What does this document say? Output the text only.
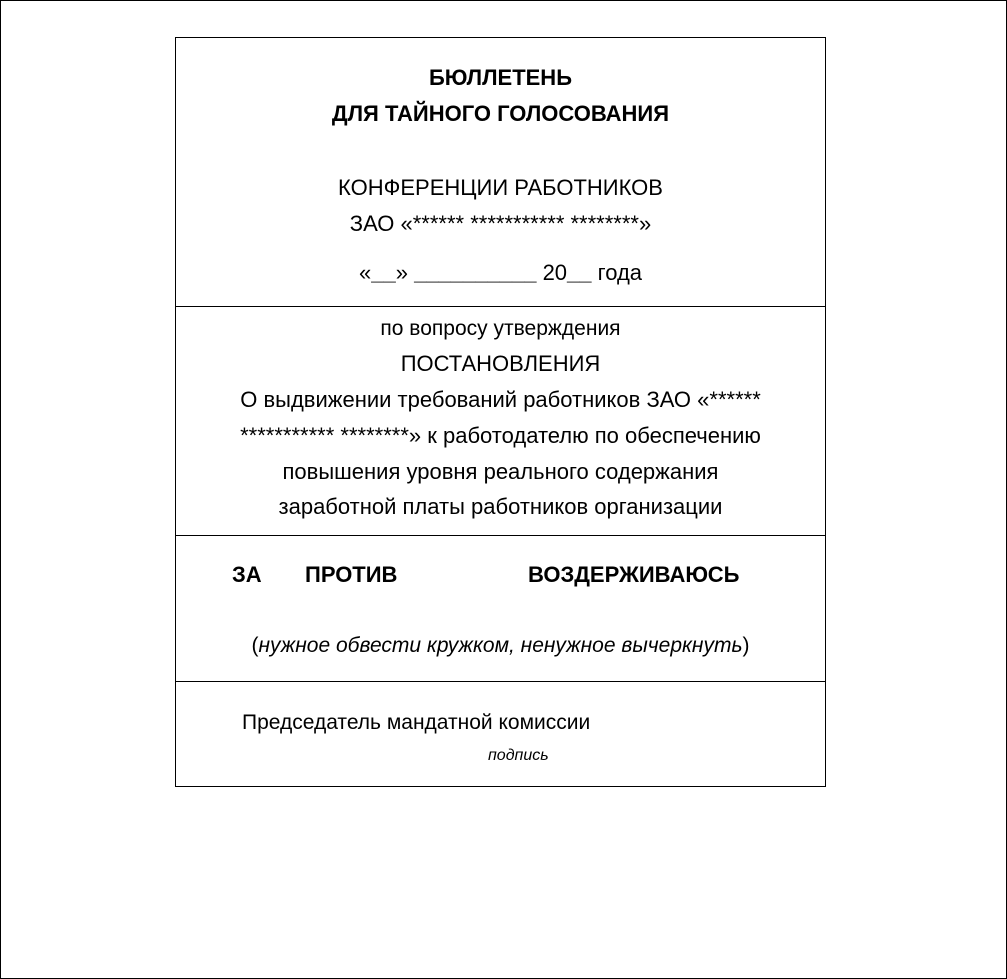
БЮЛЛЕТЕНЬ
ДЛЯ ТАЙНОГО ГОЛОСОВАНИЯ
КОНФЕРЕНЦИИ РАБОТНИКОВ
ЗАО «****** *********** ********»
«__» __________ 20__ года
по вопросу утверждения
ПОСТАНОВЛЕНИЯ
О выдвижении требований работников ЗАО «******
*********** ********» к работодателю по обеспечению
повышения уровня реального содержания
заработной платы работников организации
ЗА ПРОТИВ	ВОЗДЕРЖИВАЮСЬ
(нужное обвести кружком, ненужное вычеркнуть)
Председатель мандатной комиссии
подпись
